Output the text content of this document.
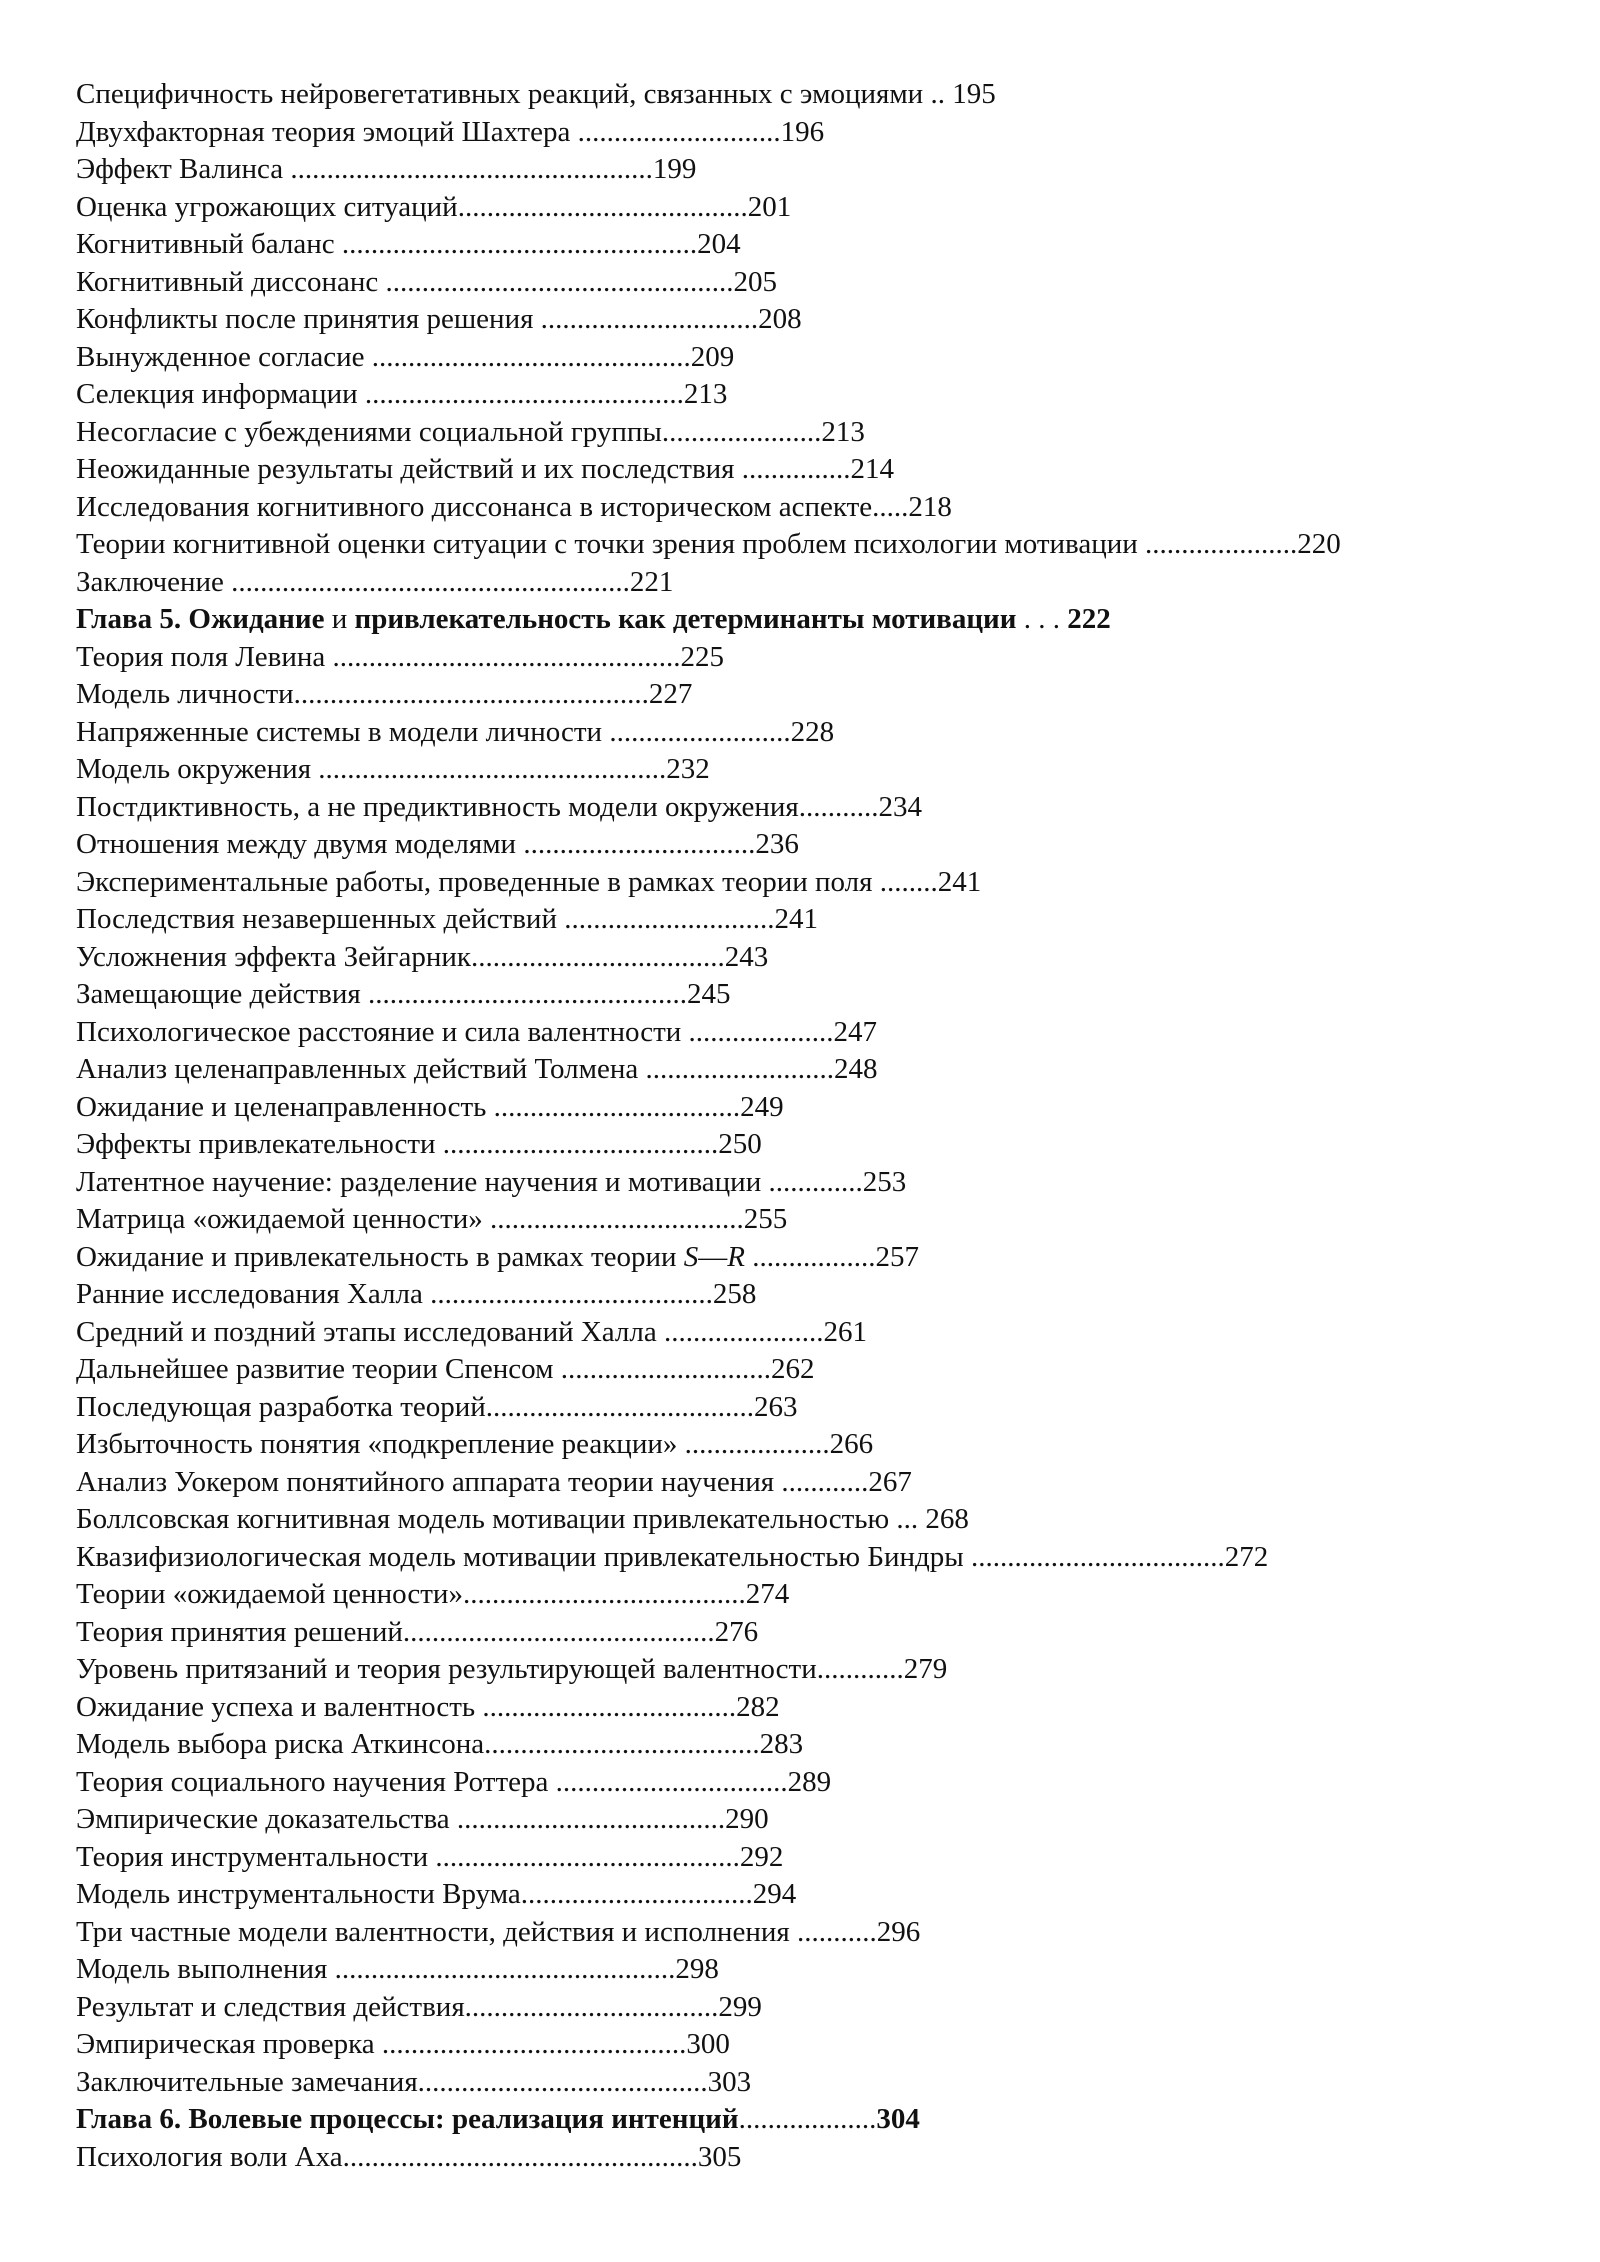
Специфичность нейровегетативных реакций, связанных с эмоциями .. 195
Двухфакторная теория эмоций Шахтера ............................196
Эффект Валинса ..................................................199
Оценка угрожающих ситуаций........................................201
Когнитивный баланс .................................................204
Когнитивный диссонанс ................................................205
Конфликты после принятия решения ..............................208
Вынужденное согласие ............................................209
Селекция информации ............................................213
Несогласие с убеждениями социальной группы......................213
Неожиданные результаты действий и их последствия ...............214
Исследования когнитивного диссонанса в историческом аспекте.....218
Теории когнитивной оценки ситуации с точки зрения проблем психологии мотивации .....................220
Заключение .......................................................221
Глава 5. Ожидание и привлекательность как детерминанты мотивации . . . 222
Теория поля Левина ................................................225
Модель личности.................................................227
Напряженные системы в модели личности .........................228
Модель окружения ................................................232
Постдиктивность, а не предиктивность модели окружения...........234
Отношения между двумя моделями ................................236
Экспериментальные работы, проведенные в рамках теории поля ........241
Последствия незавершенных действий .............................241
Усложнения эффекта Зейгарник...................................243
Замещающие действия ............................................245
Психологическое расстояние и сила валентности ....................247
Анализ целенаправленных действий Толмена ..........................248
Ожидание и целенаправленность ..................................249
Эффекты привлекательности ......................................250
Латентное научение: разделение научения и мотивации .............253
Матрица «ожидаемой ценности» ...................................255
Ожидание и привлекательность в рамках теории S—R .................257
Ранние исследования Халла .......................................258
Средний и поздний этапы исследований Халла ......................261
Дальнейшее развитие теории Спенсом .............................262
Последующая разработка теорий.....................................263
Избыточность понятия «подкрепление реакции» ....................266
Анализ Уокером понятийного аппарата теории научения ............267
Боллсовская когнитивная модель мотивации привлекательностью ... 268
Квазифизиологическая модель мотивации привлекательностью Биндры ...................................272
Теории «ожидаемой ценности».......................................274
Теория принятия решений...........................................276
Уровень притязаний и теория результирующей валентности............279
Ожидание успеха и валентность ...................................282
Модель выбора риска Аткинсона......................................283
Теория социального научения Роттера ................................289
Эмпирические доказательства .....................................290
Теория инструментальности ..........................................292
Модель инструментальности Врума................................294
Три частные модели валентности, действия и исполнения ...........296
Модель выполнения ...............................................298
Результат и следствия действия...................................299
Эмпирическая проверка ..........................................300
Заключительные замечания........................................303
Глава 6. Волевые процессы: реализация интенций...................304
Психология воли Аха.................................................305
